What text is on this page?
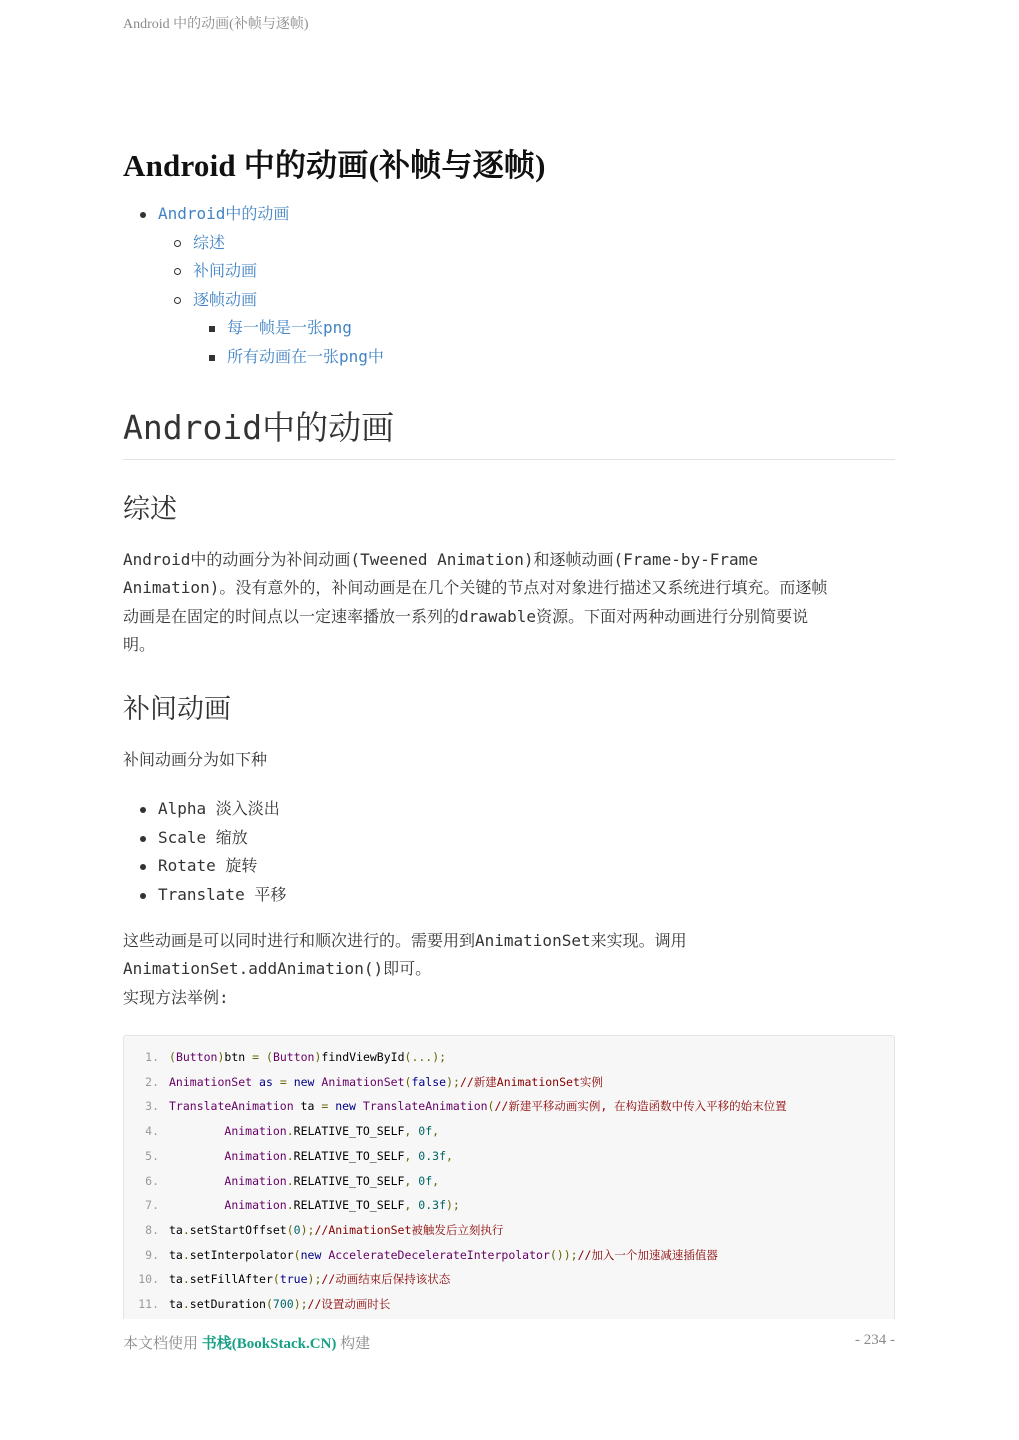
Android 中的动画(补帧与逐帧)
Android 中的动画(补帧与逐帧)
Android中的动画
综述
补间动画
逐帧动画
每一帧是一张png
所有动画在一张png中
Android中的动画
综述
Android中的动画分为补间动画(Tweened Animation)和逐帧动画(Frame-by-Frame
Animation)。没有意外的，补间动画是在几个关键的节点对对象进行描述又系统进行填充。而逐帧
动画是在固定的时间点以一定速率播放一系列的drawable资源。下面对两种动画进行分别简要说
明。
补间动画
补间动画分为如下种
Alpha 淡入淡出
Scale 缩放
Rotate 旋转
Translate 平移
这些动画是可以同时进行和顺次进行的。需要用到AnimationSet来实现。调用
AnimationSet.addAnimation()即可。
实现方法举例:
1. (Button)btn = (Button)findViewById(...);
2. AnimationSet as = new AnimationSet(false);//新建AnimationSet实例
3. TranslateAnimation ta = new TranslateAnimation(//新建平移动画实例, 在构造函数中传入平移的始末位置
4.	Animation.RELATIVE_TO_SELF, 0f,
5.	Animation.RELATIVE_TO_SELF, 0.3f,
6.	Animation.RELATIVE_TO_SELF, 0f,
7.	Animation.RELATIVE_TO_SELF, 0.3f);
8. ta.setStartOffset(0);//AnimationSet被触发后立刻执行
9. ta.setInterpolator(new AccelerateDecelerateInterpolator());//加入一个加速减速插值器
10. ta.setFillAfter(true);//动画结束后保持该状态
11. ta.setDuration(700);//设置动画时长
本文档使用 书栈(BookStack.CN) 构建	- 234 -
